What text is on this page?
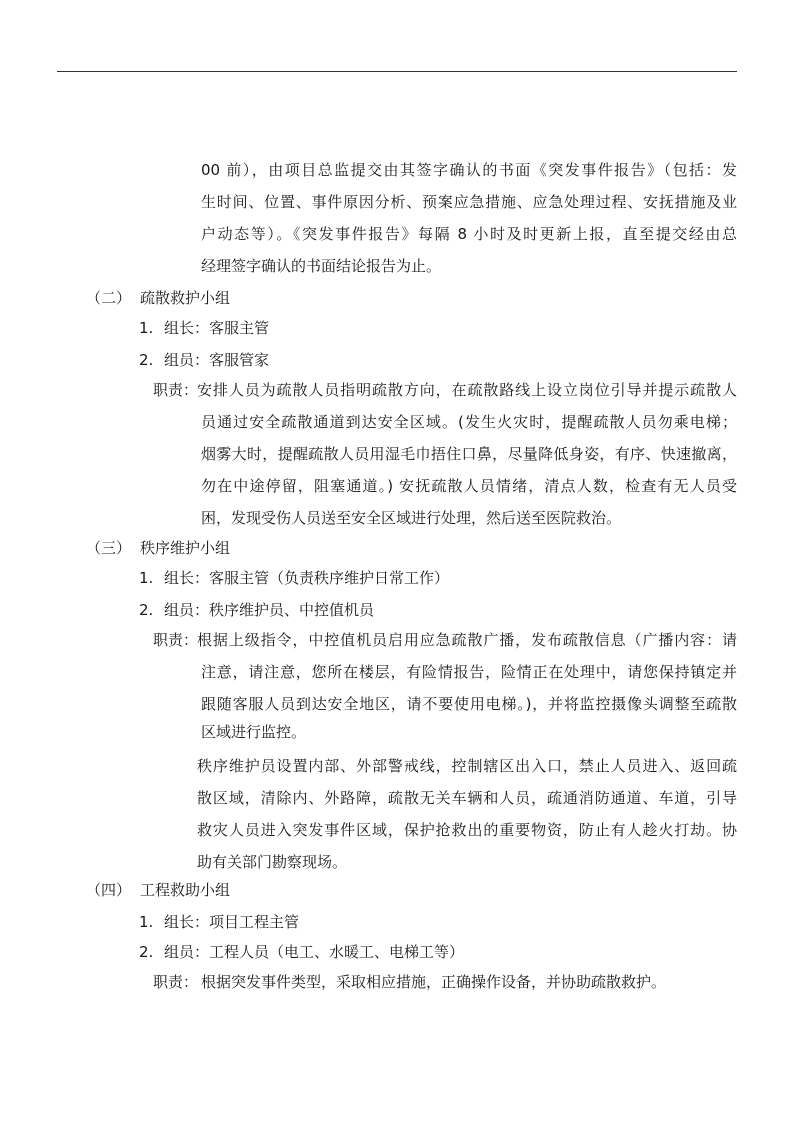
00 前），由项目总监提交由其签字确认的书面《突发事件报告》（包括：发
生时间、位置、事件原因分析、预案应急措施、应急处理过程、安抚措施及业
户动态等）。《突发事件报告》每隔 8 小时及时更新上报，直至提交经由总
经理签字确认的书面结论报告为止。
（二） 疏散救护小组
1. 组长：客服主管
2. 组员：客服管家
职责：
安排人员为疏散人员指明疏散方向，在疏散路线上设立岗位引导并提示疏散人
员通过安全疏散通道到达安全区域。(发生火灾时，提醒疏散人员勿乘电梯；
烟雾大时，提醒疏散人员用湿毛巾捂住口鼻，尽量降低身姿，有序、快速撤离，
勿在中途停留，阻塞通道。) 安抚疏散人员情绪，清点人数，检查有无人员受
困，发现受伤人员送至安全区域进行处理，然后送至医院救治。
（三） 秩序维护小组
1. 组长：客服主管（负责秩序维护日常工作）
2. 组员：秩序维护员、中控值机员
职责：
根据上级指令，中控值机员启用应急疏散广播，发布疏散信息（广播内容：请
注意，请注意，您所在楼层，有险情报告，险情正在处理中，请您保持镇定并
跟随客服人员到达安全地区，请不要使用电梯。)，并将监控摄像头调整至疏散
区域进行监控。
秩序维护员设置内部、外部警戒线，控制辖区出入口，禁止人员进入、返回疏
散区域，清除内、外路障，疏散无关车辆和人员，疏通消防通道、车道，引导
救灾人员进入突发事件区域，保护抢救出的重要物资，防止有人趁火打劫。协
助有关部门勘察现场。
（四） 工程救助小组
1. 组长：项目工程主管
2. 组员：工程人员（电工、水暖工、电梯工等）
职责： 根据突发事件类型，采取相应措施，正确操作设备，并协助疏散救护。
